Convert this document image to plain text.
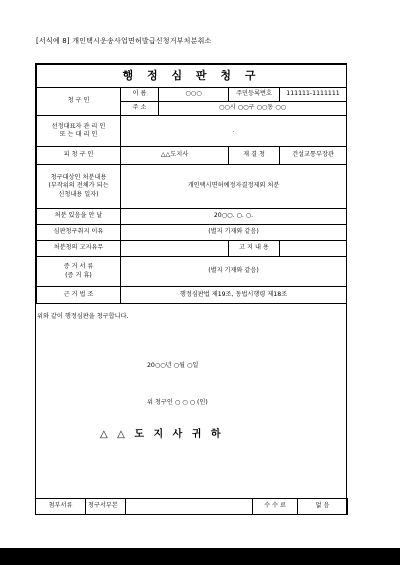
[서식예 8] 개인택시운송사업면허발급신청거부처분취소
행 정 심 판 청 구				
청 구 인	이 름	○○○	주민등록번호	111111-1111111
	주 소	○○시 ○○구 ○○동 ○○		
선정대표자 관 리 인
또 는 대 리 인	.			
피 청 구 인	△△도지사		재 결 청	건설교통부장관
청구대상인 처분내용
(부작위의 전체가 되는
신청내용 일자)	개인택시면허예정자결정제외 처분			
처분 있음을 안 날	20○○. ○. ○.			
심판청구취지 이유	(별지 기재와 같음)			
처분청의 고지유무			고 지 내 용	
증 거 서 류
(증 거 휴)	(별지 기재와 같음)			
근 거 법 조	행정심판법 제19조, 동법시행령 제18조			
위와 같이 행정심판을 청구합니다.
20○○년 ○월 ○일
위 청구인 ○ ○ ○ (인)
△ △ 도 지 사 귀 하
첨부서류	청구서부본		수 수 료	없 음
